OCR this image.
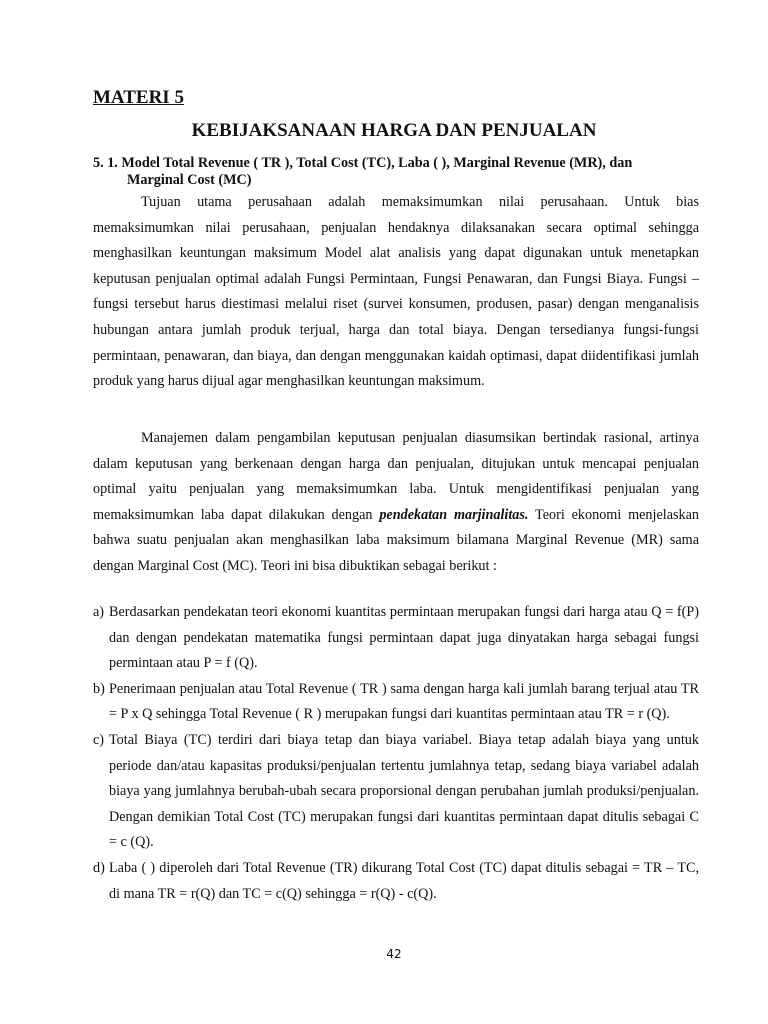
MATERI 5
KEBIJAKSANAAN HARGA DAN PENJUALAN
5. 1. Model Total Revenue ( TR ), Total Cost (TC), Laba ( ), Marginal Revenue (MR), dan
Marginal Cost (MC)

Tujuan utama perusahaan adalah memaksimumkan nilai perusahaan. Untuk bias memaksimumkan nilai perusahaan, penjualan hendaknya dilaksanakan secara optimal sehingga menghasilkan keuntungan maksimum Model alat analisis yang dapat digunakan untuk menetapkan keputusan penjualan optimal adalah Fungsi Permintaan, Fungsi Penawaran, dan Fungsi Biaya. Fungsi – fungsi tersebut harus diestimasi melalui riset (survei konsumen, produsen, pasar) dengan menganalisis hubungan antara jumlah produk terjual, harga dan total biaya. Dengan tersedianya fungsi-fungsi permintaan, penawaran, dan biaya, dan dengan menggunakan kaidah optimasi, dapat diidentifikasi jumlah produk yang harus dijual agar menghasilkan keuntungan maksimum.

Manajemen dalam pengambilan keputusan penjualan diasumsikan bertindak rasional, artinya dalam keputusan yang berkenaan dengan harga dan penjualan, ditujukan untuk mencapai penjualan optimal yaitu penjualan yang memaksimumkan laba. Untuk mengidentifikasi penjualan yang memaksimumkan laba dapat dilakukan dengan pendekatan marjinalitas. Teori ekonomi menjelaskan bahwa suatu penjualan akan menghasilkan laba maksimum bilamana Marginal Revenue (MR) sama dengan Marginal Cost (MC). Teori ini bisa dibuktikan sebagai berikut :

a) Berdasarkan pendekatan teori ekonomi kuantitas permintaan merupakan fungsi dari harga atau Q = f(P) dan dengan pendekatan matematika fungsi permintaan dapat juga dinyatakan harga sebagai fungsi permintaan atau P = f (Q).
b) Penerimaan penjualan atau Total Revenue ( TR ) sama dengan harga kali jumlah barang terjual atau TR = P x Q sehingga Total Revenue ( R ) merupakan fungsi dari kuantitas permintaan atau TR = r (Q).
c) Total Biaya (TC) terdiri dari biaya tetap dan biaya variabel. Biaya tetap adalah biaya yang untuk periode dan/atau kapasitas produksi/penjualan tertentu jumlahnya tetap, sedang biaya variabel adalah biaya yang jumlahnya berubah-ubah secara proporsional dengan perubahan jumlah produksi/penjualan. Dengan demikian Total Cost (TC) merupakan fungsi dari kuantitas permintaan dapat ditulis sebagai C = c (Q).
d) Laba ( ) diperoleh dari Total Revenue (TR) dikurang Total Cost (TC) dapat ditulis sebagai = TR – TC, di mana TR = r(Q) dan TC = c(Q) sehingga = r(Q) - c(Q).
42
